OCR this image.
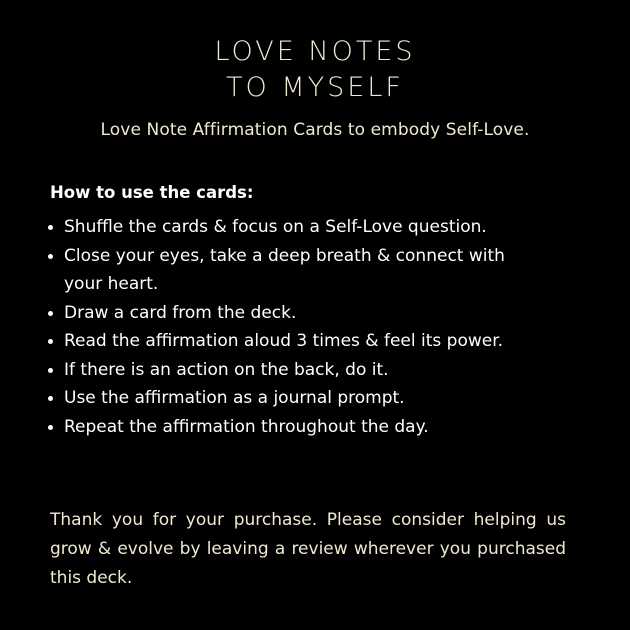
LOVE NOTES
TO MYSELF
Love Note Affirmation Cards to embody Self-Love.
How to use the cards:
Shuffle the cards & focus on a Self-Love question.
Close your eyes, take a deep breath & connect with your heart.
Draw a card from the deck.
Read the affirmation aloud 3 times & feel its power.
If there is an action on the back, do it.
Use the affirmation as a journal prompt.
Repeat the affirmation throughout the day.

Thank you for your purchase. Please consider helping us grow & evolve by leaving a review wherever you purchased this deck.
